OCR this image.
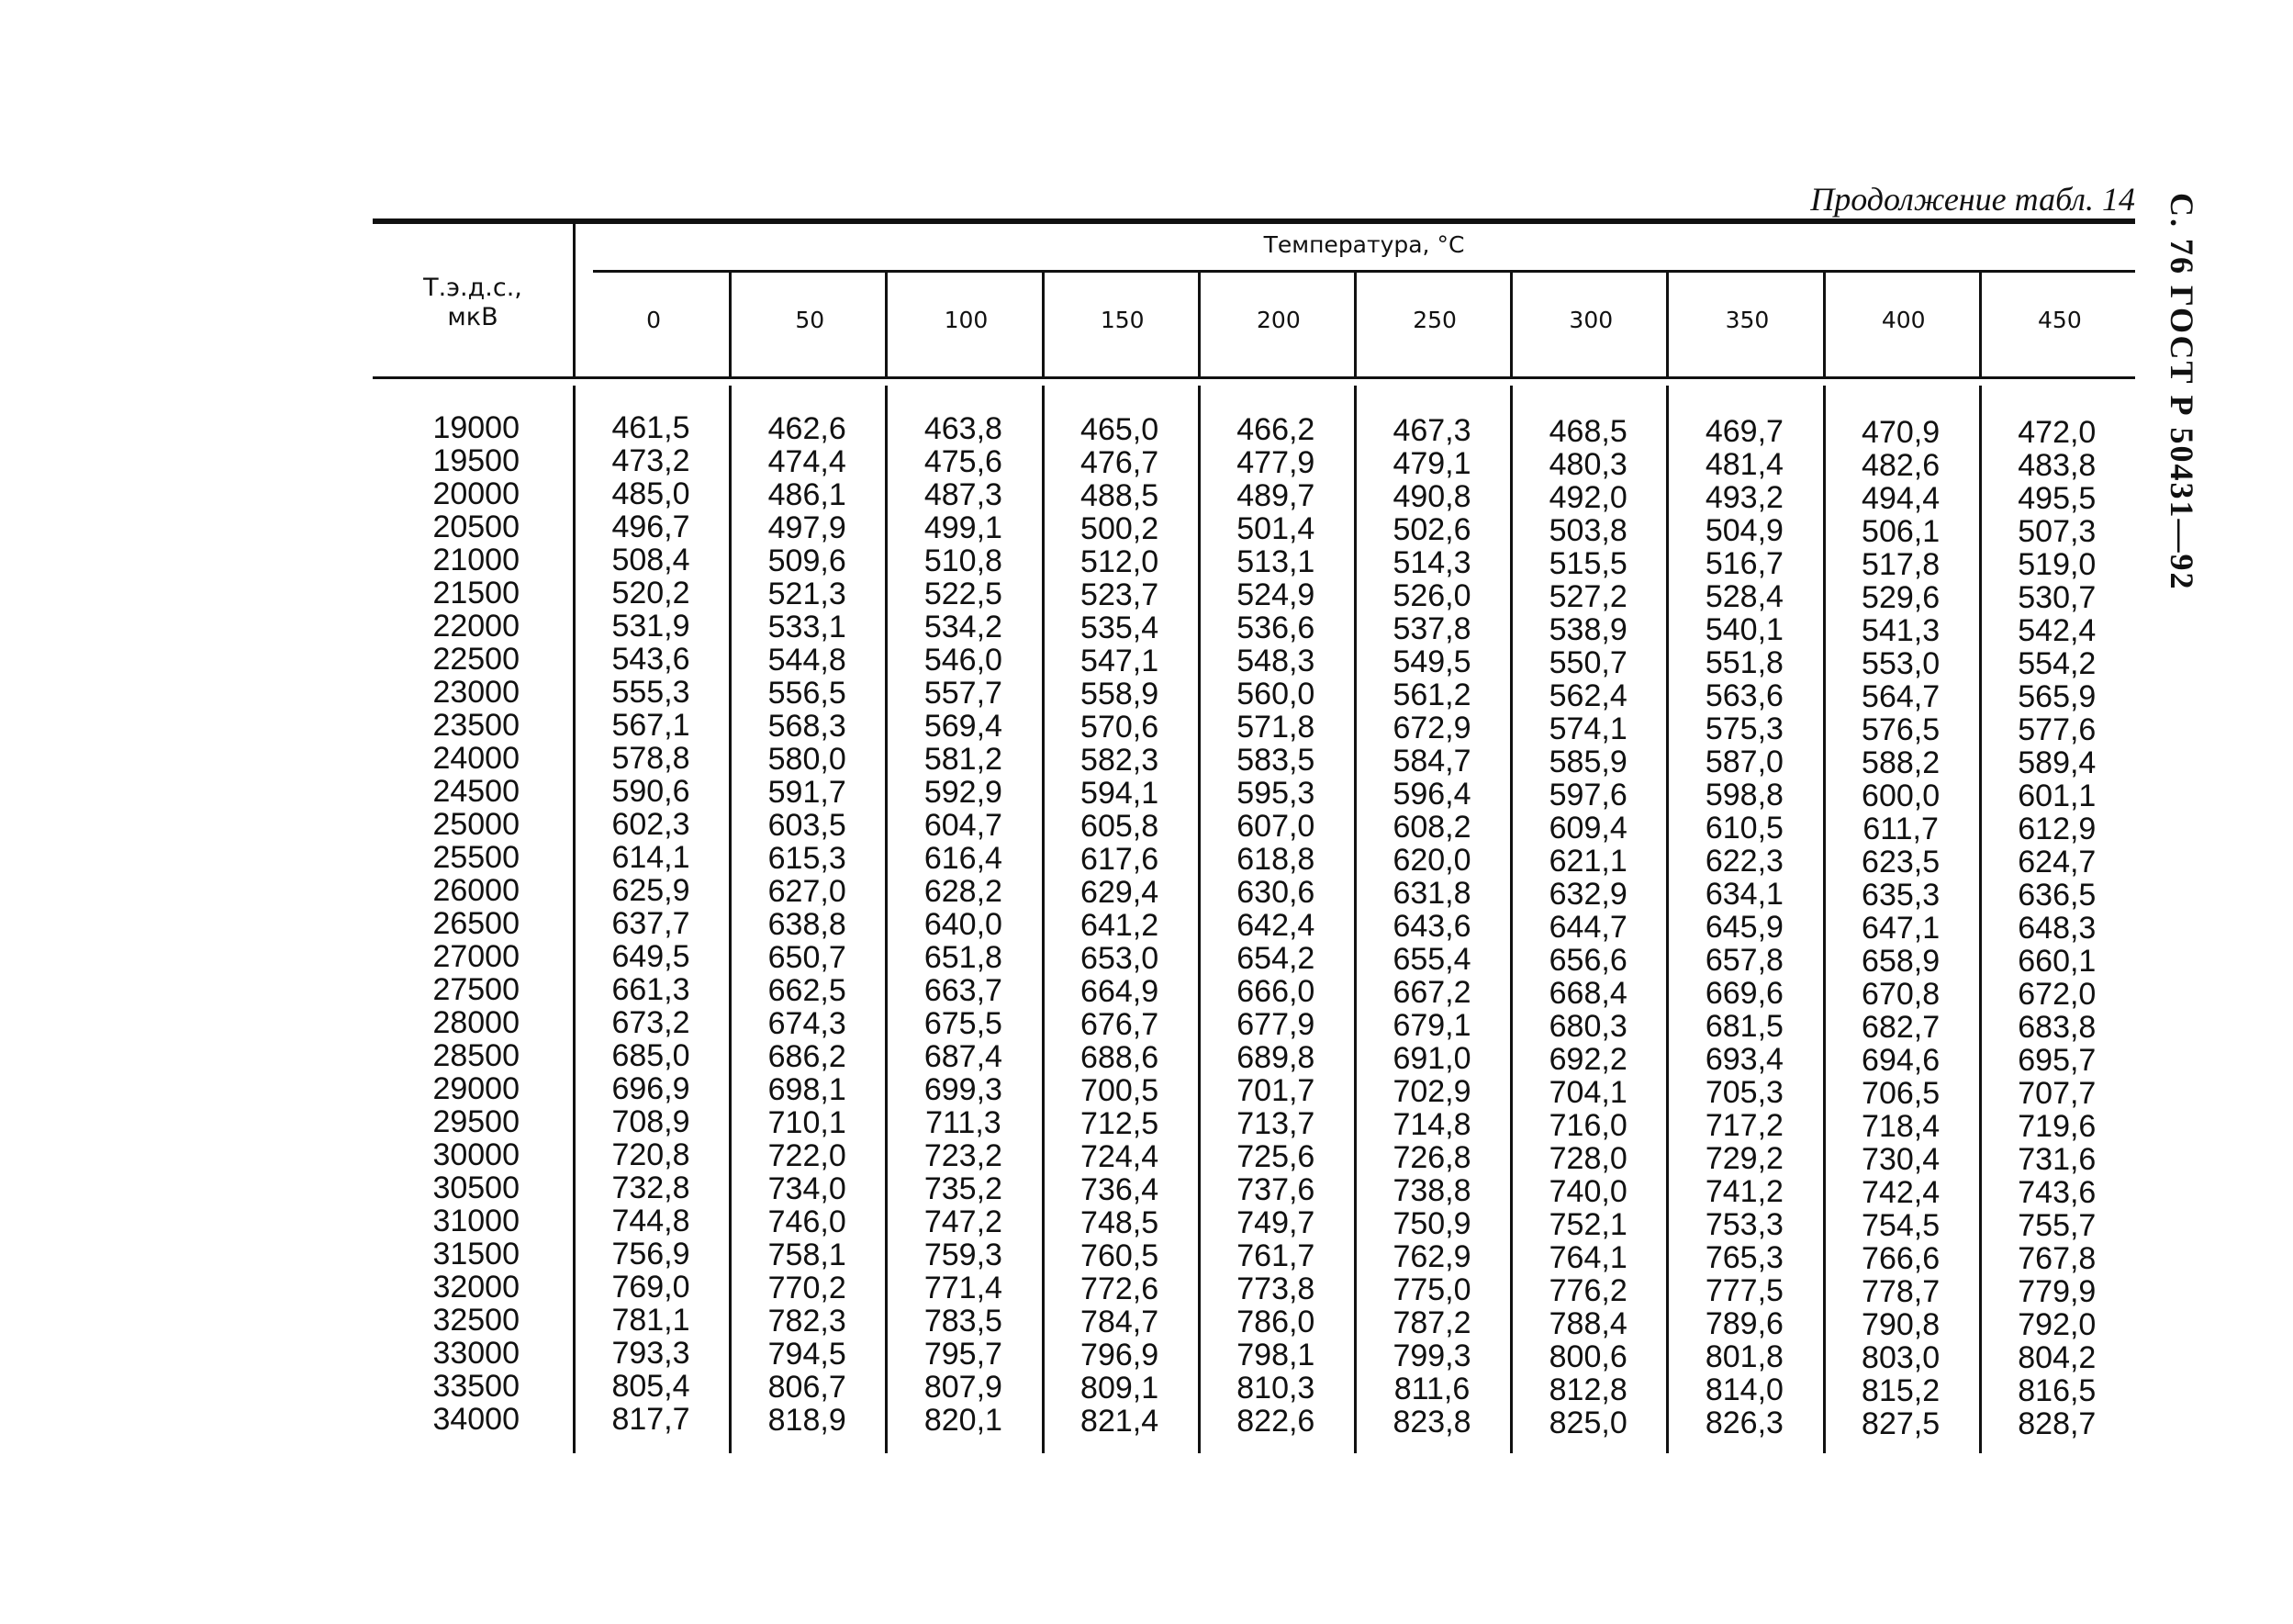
Продолжение табл. 14 С. 76 ГОСТ Р 50431—92
Т.э.д.с.,
мкВ
Температура, °С
0	50	100	150	200	250	300	350	400	450
19000	461,5	462,6	463,8	465,0	466,2	467,3	468,5	469,7	470,9	472,0
19500	473,2	474,4	475,6	476,7	477,9	479,1	480,3	481,4	482,6	483,8
20000	485,0	486,1	487,3	488,5	489,7	490,8	492,0	493,2	494,4	495,5
20500	496,7	497,9	499,1	500,2	501,4	502,6	503,8	504,9	506,1	507,3
21000	508,4	509,6	510,8	512,0	513,1	514,3	515,5	516,7	517,8	519,0
21500	520,2	521,3	522,5	523,7	524,9	526,0	527,2	528,4	529,6	530,7
22000	531,9	533,1	534,2	535,4	536,6	537,8	538,9	540,1	541,3	542,4
22500	543,6	544,8	546,0	547,1	548,3	549,5	550,7	551,8	553,0	554,2
23000	555,3	556,5	557,7	558,9	560,0	561,2	562,4	563,6	564,7	565,9
23500	567,1	568,3	569,4	570,6	571,8	672,9	574,1	575,3	576,5	577,6
24000	578,8	580,0	581,2	582,3	583,5	584,7	585,9	587,0	588,2	589,4
24500	590,6	591,7	592,9	594,1	595,3	596,4	597,6	598,8	600,0	601,1
25000	602,3	603,5	604,7	605,8	607,0	608,2	609,4	610,5	611,7	612,9
25500	614,1	615,3	616,4	617,6	618,8	620,0	621,1	622,3	623,5	624,7
26000	625,9	627,0	628,2	629,4	630,6	631,8	632,9	634,1	635,3	636,5
26500	637,7	638,8	640,0	641,2	642,4	643,6	644,7	645,9	647,1	648,3
27000	649,5	650,7	651,8	653,0	654,2	655,4	656,6	657,8	658,9	660,1
27500	661,3	662,5	663,7	664,9	666,0	667,2	668,4	669,6	670,8	672,0
28000	673,2	674,3	675,5	676,7	677,9	679,1	680,3	681,5	682,7	683,8
28500	685,0	686,2	687,4	688,6	689,8	691,0	692,2	693,4	694,6	695,7
29000	696,9	698,1	699,3	700,5	701,7	702,9	704,1	705,3	706,5	707,7
29500	708,9	710,1	711,3	712,5	713,7	714,8	716,0	717,2	718,4	719,6
30000	720,8	722,0	723,2	724,4	725,6	726,8	728,0	729,2	730,4	731,6
30500	732,8	734,0	735,2	736,4	737,6	738,8	740,0	741,2	742,4	743,6
31000	744,8	746,0	747,2	748,5	749,7	750,9	752,1	753,3	754,5	755,7
31500	756,9	758,1	759,3	760,5	761,7	762,9	764,1	765,3	766,6	767,8
32000	769,0	770,2	771,4	772,6	773,8	775,0	776,2	777,5	778,7	779,9
32500	781,1	782,3	783,5	784,7	786,0	787,2	788,4	789,6	790,8	792,0
33000	793,3	794,5	795,7	796,9	798,1	799,3	800,6	801,8	803,0	804,2
33500	805,4	806,7	807,9	809,1	810,3	811,6	812,8	814,0	815,2	816,5
34000	817,7	818,9	820,1	821,4	822,6	823,8	825,0	826,3	827,5	828,7
